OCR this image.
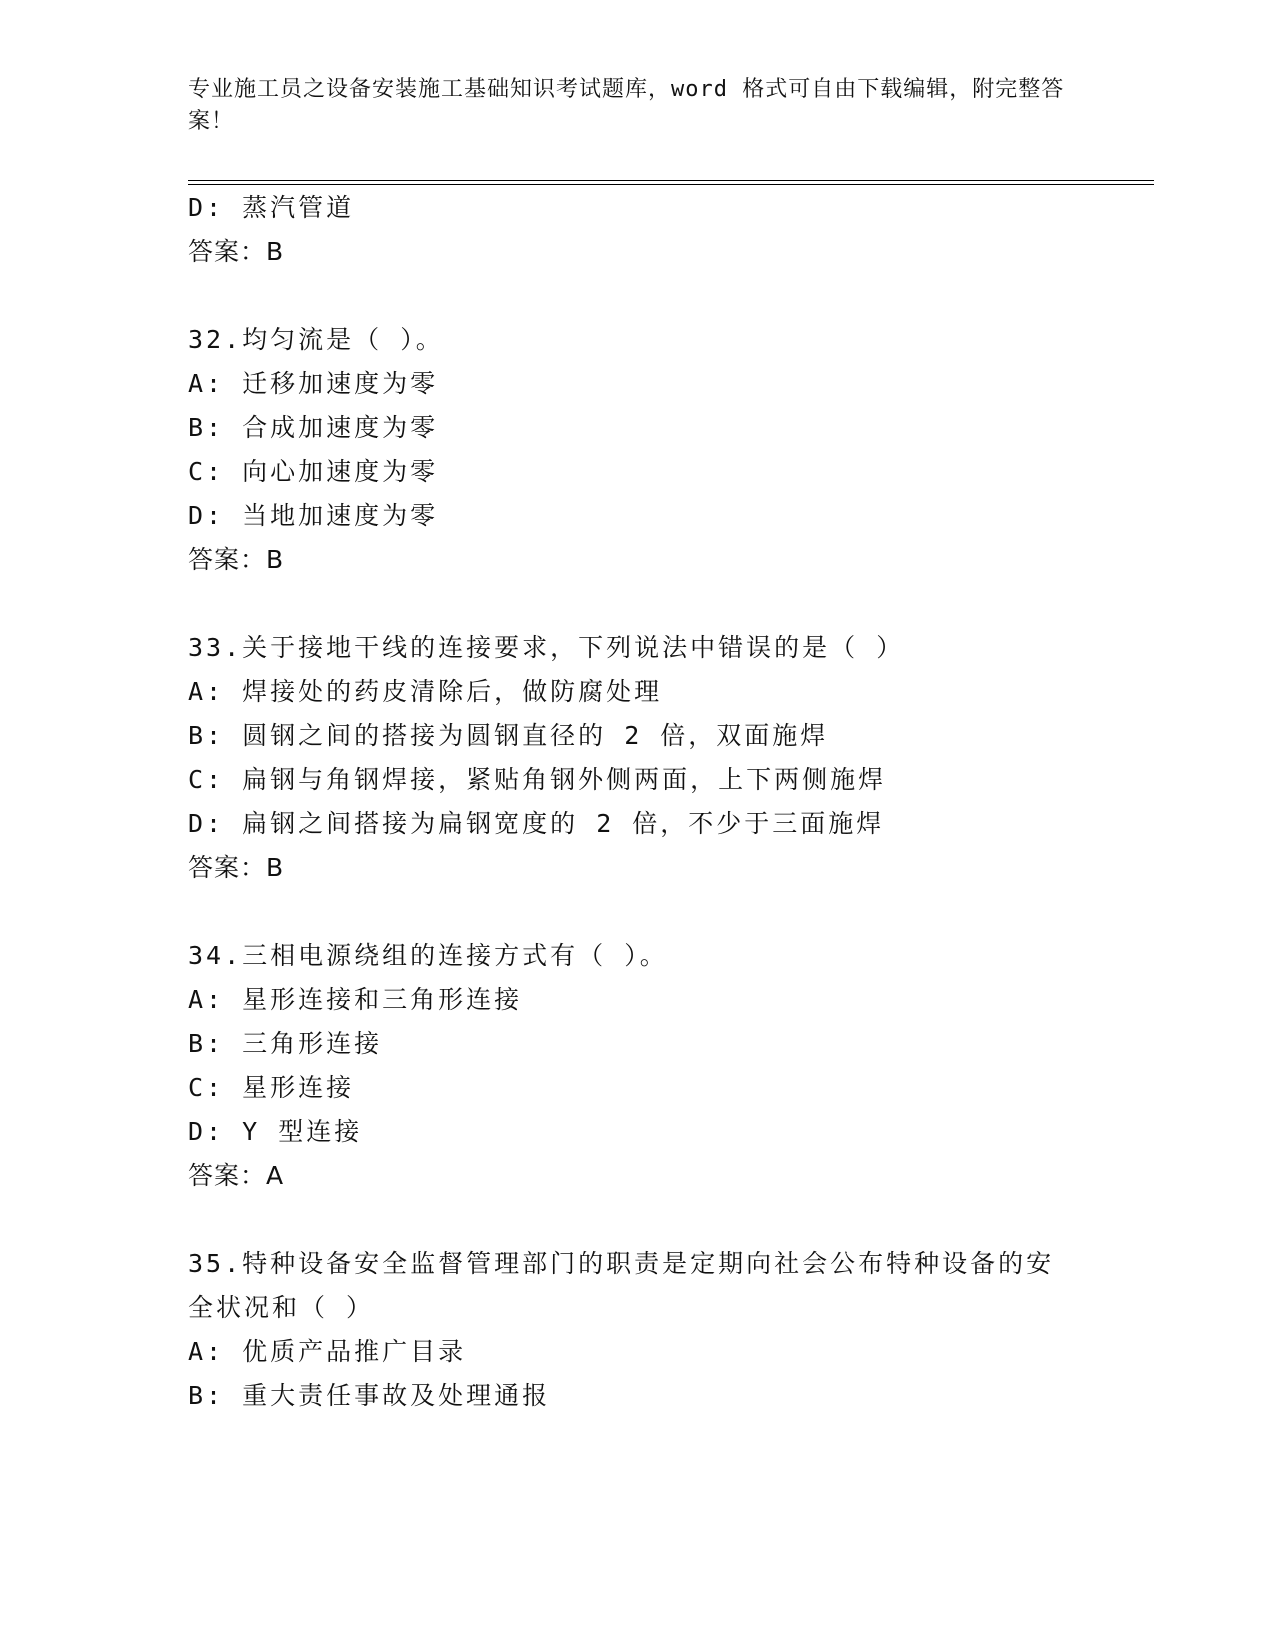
专业施工员之设备安装施工基础知识考试题库，word 格式可自由下载编辑，附完整答案！
D: 蒸汽管道
答案：B
32.均匀流是（ ）。
A: 迁移加速度为零
B: 合成加速度为零
C: 向心加速度为零
D: 当地加速度为零
答案：B
33.关于接地干线的连接要求，下列说法中错误的是（ ）
A: 焊接处的药皮清除后，做防腐处理
B: 圆钢之间的搭接为圆钢直径的 2 倍，双面施焊
C: 扁钢与角钢焊接，紧贴角钢外侧两面，上下两侧施焊
D: 扁钢之间搭接为扁钢宽度的 2 倍，不少于三面施焊
答案：B
34.三相电源绕组的连接方式有（ ）。
A: 星形连接和三角形连接
B: 三角形连接
C: 星形连接
D: Y 型连接
答案：A
35.特种设备安全监督管理部门的职责是定期向社会公布特种设备的安
全状况和（ ）
A: 优质产品推广目录
B: 重大责任事故及处理通报
